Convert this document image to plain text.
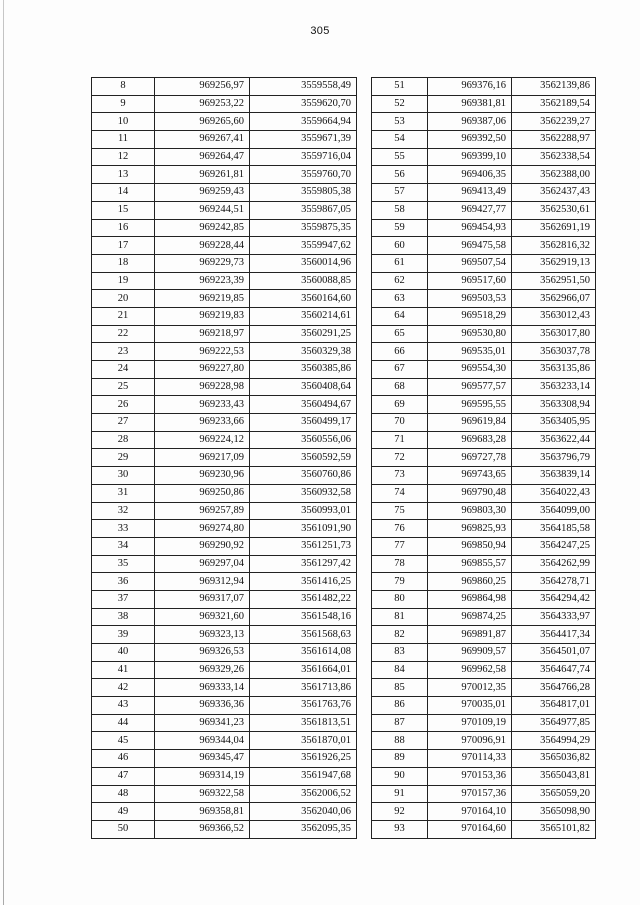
305
8	969256,97	3559558,49
9	969253,22	3559620,70
10	969265,60	3559664,94
11	969267,41	3559671,39
12	969264,47	3559716,04
13	969261,81	3559760,70
14	969259,43	3559805,38
15	969244,51	3559867,05
16	969242,85	3559875,35
17	969228,44	3559947,62
18	969229,73	3560014,96
19	969223,39	3560088,85
20	969219,85	3560164,60
21	969219,83	3560214,61
22	969218,97	3560291,25
23	969222,53	3560329,38
24	969227,80	3560385,86
25	969228,98	3560408,64
26	969233,43	3560494,67
27	969233,66	3560499,17
28	969224,12	3560556,06
29	969217,09	3560592,59
30	969230,96	3560760,86
31	969250,86	3560932,58
32	969257,89	3560993,01
33	969274,80	3561091,90
34	969290,92	3561251,73
35	969297,04	3561297,42
36	969312,94	3561416,25
37	969317,07	3561482,22
38	969321,60	3561548,16
39	969323,13	3561568,63
40	969326,53	3561614,08
41	969329,26	3561664,01
42	969333,14	3561713,86
43	969336,36	3561763,76
44	969341,23	3561813,51
45	969344,04	3561870,01
46	969345,47	3561926,25
47	969314,19	3561947,68
48	969322,58	3562006,52
49	969358,81	3562040,06
50	969366,52	3562095,35
51	969376,16	3562139,86
52	969381,81	3562189,54
53	969387,06	3562239,27
54	969392,50	3562288,97
55	969399,10	3562338,54
56	969406,35	3562388,00
57	969413,49	3562437,43
58	969427,77	3562530,61
59	969454,93	3562691,19
60	969475,58	3562816,32
61	969507,54	3562919,13
62	969517,60	3562951,50
63	969503,53	3562966,07
64	969518,29	3563012,43
65	969530,80	3563017,80
66	969535,01	3563037,78
67	969554,30	3563135,86
68	969577,57	3563233,14
69	969595,55	3563308,94
70	969619,84	3563405,95
71	969683,28	3563622,44
72	969727,78	3563796,79
73	969743,65	3563839,14
74	969790,48	3564022,43
75	969803,30	3564099,00
76	969825,93	3564185,58
77	969850,94	3564247,25
78	969855,57	3564262,99
79	969860,25	3564278,71
80	969864,98	3564294,42
81	969874,25	3564333,97
82	969891,87	3564417,34
83	969909,57	3564501,07
84	969962,58	3564647,74
85	970012,35	3564766,28
86	970035,01	3564817,01
87	970109,19	3564977,85
88	970096,91	3564994,29
89	970114,33	3565036,82
90	970153,36	3565043,81
91	970157,36	3565059,20
92	970164,10	3565098,90
93	970164,60	3565101,82
